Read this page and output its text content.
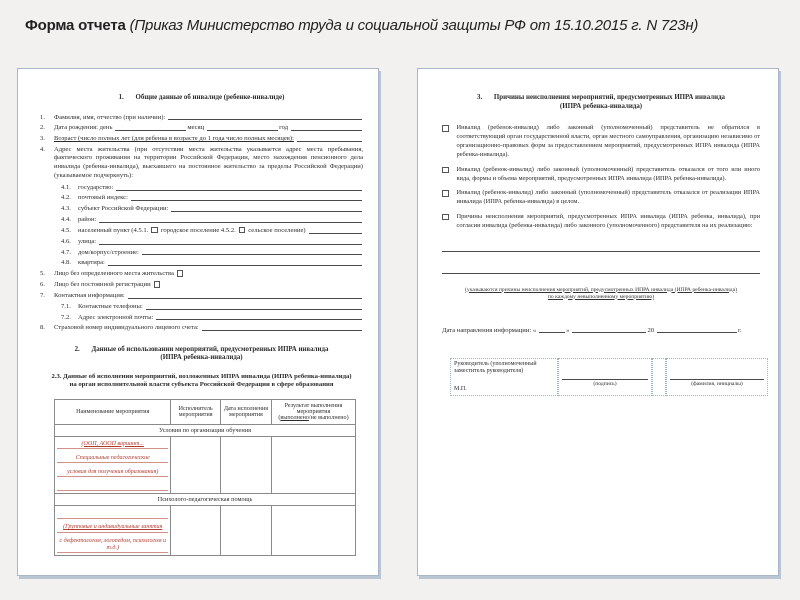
Форма отчета (Приказ Министерство труда и социальной защиты РФ от 15.10.2015 г. N 723н)
1. Общие данные об инвалиде (ребенке-инвалиде)
1.	Фамилия, имя, отчество (при наличии):
2.	Дата рождения: день	месяц	год
3.	Возраст (число полных лет (для ребенка в возрасте до 1 года число полных месяцев):
4.	Адрес места жительства (при отсутствии места жительства указывается адрес места пребывания, фактического проживания на территории Российской Федерации, место нахождения пенсионного дела инвалида (ребенка-инвалида), выехавшего на постоянное жительство за пределы Российской Федерации) (указываемое подчеркнуть):
4.1.	государство:
4.2.	почтовый индекс:
4.3.	субъект Российской Федерации:
4.4.	район:
4.5.	населенный пункт (4.5.1. городское поселение 4.5.2. сельское поселение)
4.6.	улица:
4.7.	дом/корпус/строение:
4.8.	квартира:
5.	Лицо без определенного места жительства
6.	Лицо без постоянной регистрации
7.	Контактная информация:
7.1.	Контактные телефоны:
7.2.	Адрес электронной почты:
8.	Страховой номер индивидуального лицевого счета:
2. Данные об использовании мероприятий, предусмотренных ИПРА инвалида
(ИПРА ребенка-инвалида)
2.3. Данные об исполнении мероприятий, возложенных ИПРА инвалида (ИПРА ребенка-инвалида)
на орган исполнительной власти субъекта Российской Федерации в сфере образования
Наименование мероприятия	Исполнитель мероприятия	Дата исполнения мероприятия	Результат выполнения мероприятия
(выполнено/не выполнено)

Условия по организации обучения			

(ООП, АООП вариант...
Специальные педагогические
условия для получения образования)			

Психолого-педагогическая помощь			

(Групповые и индивидуальные занятия
с дефектологом, логопедом, психологом и т.д.)			

3. Причины неисполнения мероприятий, предусмотренных ИПРА инвалида
(ИПРА ребенка-инвалида)
Инвалид (ребенок-инвалид) либо законный (уполномоченный) представитель не обратился в соответствующий орган государственной власти, орган местного самоуправления, организацию независимо от организационно-правовых форм за предоставлением мероприятий, предусмотренных ИПРА инвалида (ИПРА ребенка-инвалида).
Инвалид (ребенок-инвалид) либо законный (уполномоченный) представитель отказался от того или иного вида, формы и объема мероприятий, предусмотренных ИПРА инвалида (ИПРА ребенка-инвалида).
Инвалид (ребенок-инвалид) либо законный (уполномоченный) представитель отказался от реализации ИПРА инвалида (ИПРА ребенка-инвалида) в целом.
Причины неисполнения мероприятий, предусмотренных ИПРА инвалида (ИПРА ребенка, инвалида), при согласии инвалида (ребенка-инвалида) либо законного (уполномоченного) представителя на их реализацию:
(указываются причины неисполнения мероприятий, предусмотренных ИПРА инвалида (ИПРА ребенка-инвалида)
по каждому невыполненному мероприятию)
Дата направления информации: «	»	20	г.
Руководитель (уполномоченный
заместитель руководителя)
М.П.
(подпись)	(фамилия, инициалы)
